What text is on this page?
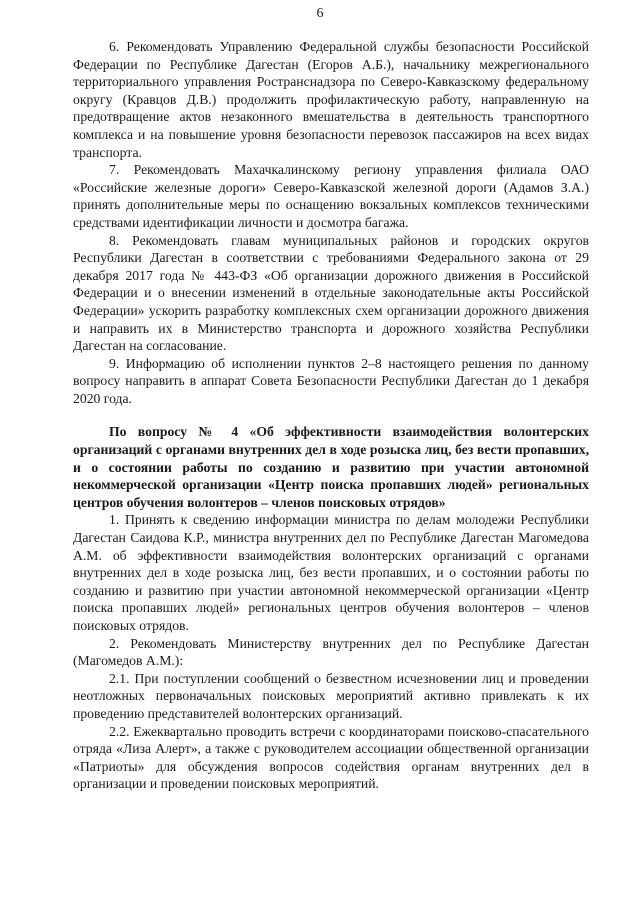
6

6. Рекомендовать Управлению Федеральной службы безопасности Российской Федерации по Республике Дагестан (Егоров А.Б.), начальнику межрегионального территориального управления Ространснадзора по Северо-Кавказскому федеральному округу (Кравцов Д.В.) продолжить профилактическую работу, направленную на предотвращение актов незаконного вмешательства в деятельность транспортного комплекса и на повышение уровня безопасности перевозок пассажиров на всех видах транспорта.

7. Рекомендовать Махачкалинскому региону управления филиала ОАО «Российские железные дороги» Северо-Кавказской железной дороги (Адамов З.А.) принять дополнительные меры по оснащению вокзальных комплексов техническими средствами идентификации личности и досмотра багажа.

8. Рекомендовать главам муниципальных районов и городских округов Республики Дагестан в соответствии с требованиями Федерального закона от 29 декабря 2017 года № 443-ФЗ «Об организации дорожного движения в Российской Федерации и о внесении изменений в отдельные законодательные акты Российской Федерации» ускорить разработку комплексных схем организации дорожного движения и направить их в Министерство транспорта и дорожного хозяйства Республики Дагестан на согласование.

9. Информацию об исполнении пунктов 2–8 настоящего решения по данному вопросу направить в аппарат Совета Безопасности Республики Дагестан до 1 декабря 2020 года.

По вопросу № 4 «Об эффективности взаимодействия волонтерских организаций с органами внутренних дел в ходе розыска лиц, без вести пропавших, и о состоянии работы по созданию и развитию при участии автономной некоммерческой организации «Центр поиска пропавших людей» региональных центров обучения волонтеров – членов поисковых отрядов»

1. Принять к сведению информации министра по делам молодежи Республики Дагестан Саидова К.Р., министра внутренних дел по Республике Дагестан Магомедова А.М. об эффективности взаимодействия волонтерских организаций с органами внутренних дел в ходе розыска лиц, без вести пропавших, и о состоянии работы по созданию и развитию при участии автономной некоммерческой организации «Центр поиска пропавших людей» региональных центров обучения волонтеров – членов поисковых отрядов.

2. Рекомендовать Министерству внутренних дел по Республике Дагестан (Магомедов А.М.):

2.1. При поступлении сообщений о безвестном исчезновении лиц и проведении неотложных первоначальных поисковых мероприятий активно привлекать к их проведению представителей волонтерских организаций.

2.2. Ежеквартально проводить встречи с координаторами поисково-спасательного отряда «Лиза Алерт», а также с руководителем ассоциации общественной организации «Патриоты» для обсуждения вопросов содействия органам внутренних дел в организации и проведении поисковых мероприятий.
